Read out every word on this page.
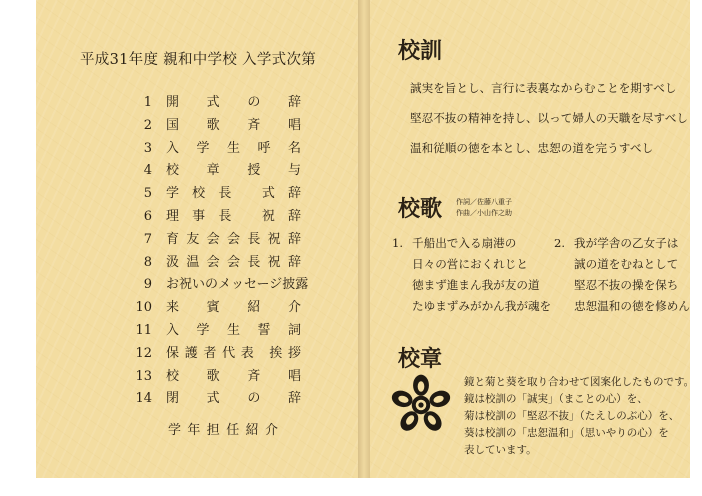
平成31年度 親和中学校 入学式次第
1 開式の辞
2 国歌斉唱
3 入学生呼名
4 校章授与
5 学校長 式辞
6 理事長 祝辞
7 育友会会長祝辞
8 汲温会会長祝辞
9 お祝いのメッセージ披露
10 来賓紹介
11 入学生誓詞
12 保護者代表 挨拶
13 校歌斉唱
14 閉式の辞
学年担任紹介
校訓
誠実を旨とし、言行に表裏なからむことを期すべし
堅忍不抜の精神を持し、以って婦人の天職を尽すべし
温和従順の徳を本とし、忠恕の道を完うすべし
校歌 作詞／佐藤八重子
作曲／小山作之助
1. 千船出で入る扇港の
日々の営におくれじと
徳まず進まん我が友の道
たゆまずみがかん我が魂を
2. 我が学舎の乙女子は
誠の道をむねとして
堅忍不抜の操を保ち
忠恕温和の徳を修めん
校章
鏡と菊と葵を取り合わせて図案化したものです。
鏡は校訓の「誠実」（まことの心）を、
菊は校訓の「堅忍不抜」（たえしのぶ心）を、
葵は校訓の「忠恕温和」（思いやりの心）を
表しています。
